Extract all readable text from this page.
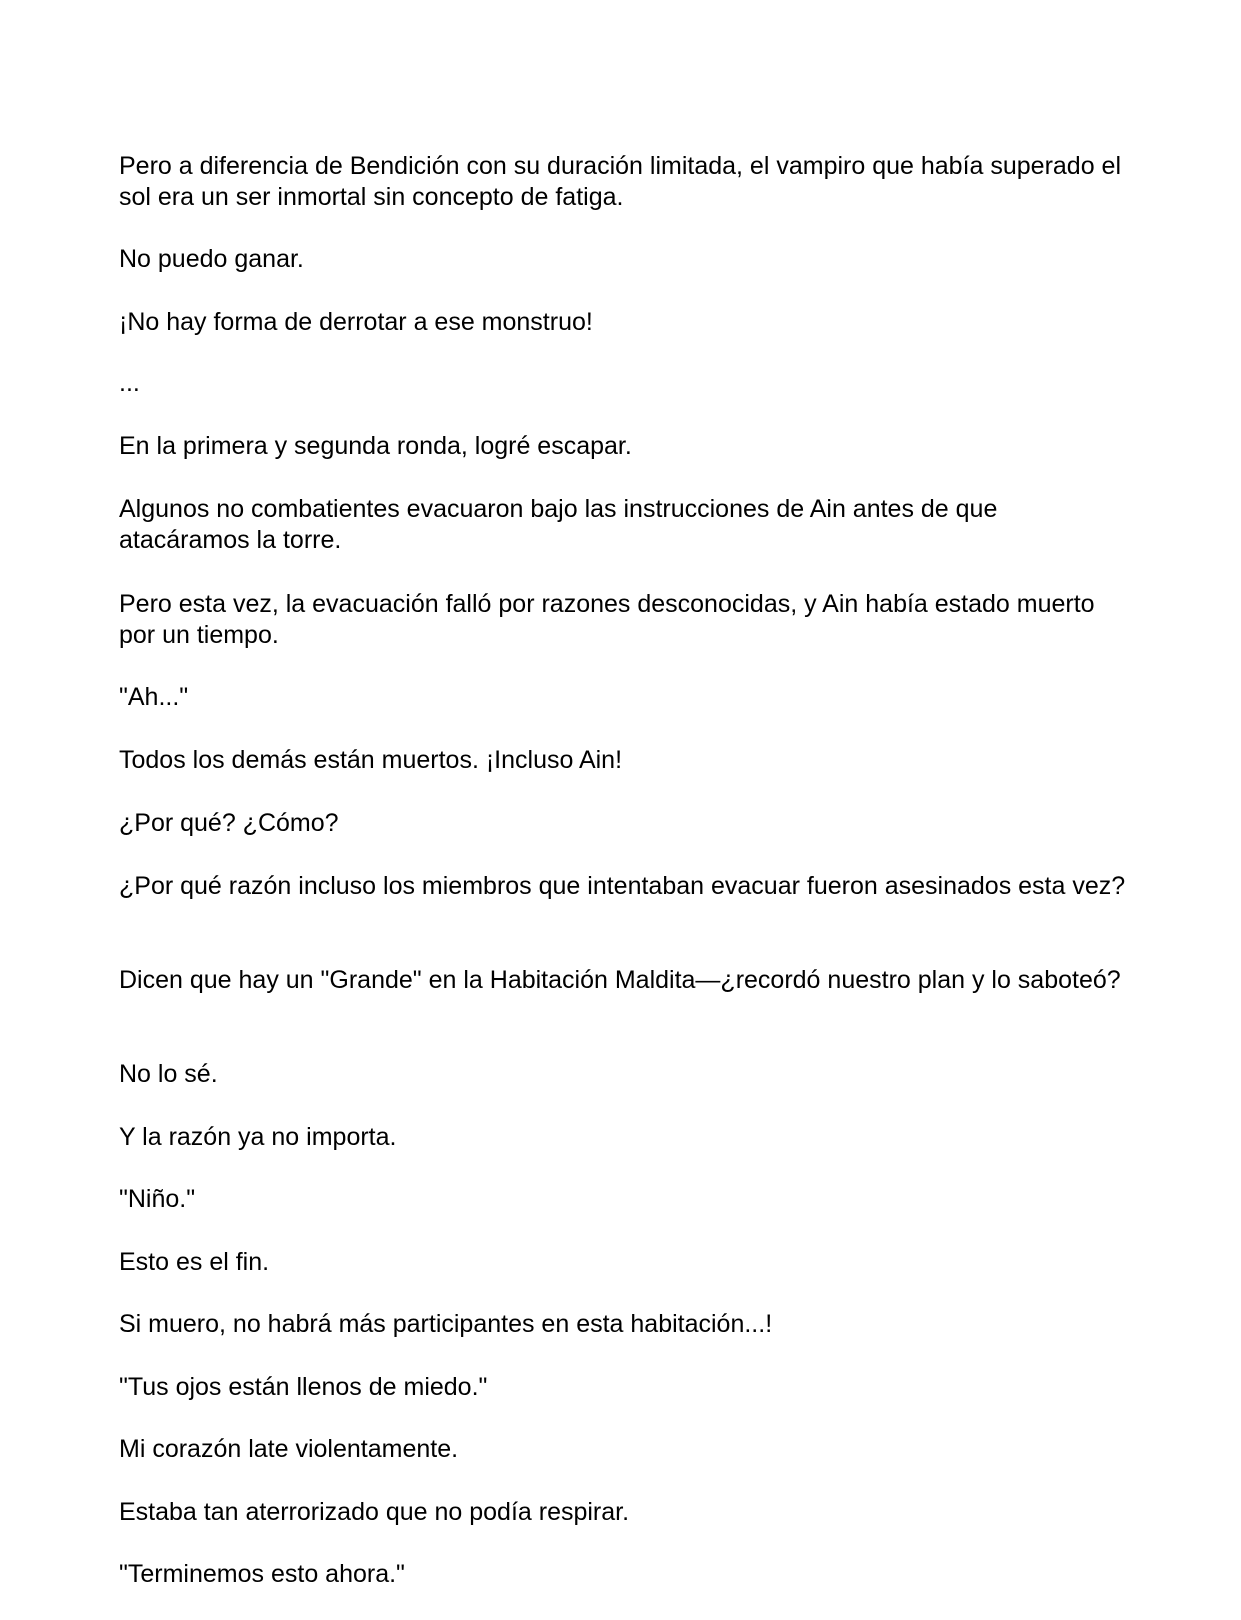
Pero a diferencia de Bendición con su duración limitada, el vampiro que había superado el sol era un ser inmortal sin concepto de fatiga.

No puedo ganar.

¡No hay forma de derrotar a ese monstruo!

...

En la primera y segunda ronda, logré escapar.

Algunos no combatientes evacuaron bajo las instrucciones de Ain antes de que atacáramos la torre.

Pero esta vez, la evacuación falló por razones desconocidas, y Ain había estado muerto por un tiempo.

"Ah..."

Todos los demás están muertos. ¡Incluso Ain!

¿Por qué? ¿Cómo?

¿Por qué razón incluso los miembros que intentaban evacuar fueron asesinados esta vez?

Dicen que hay un "Grande" en la Habitación Maldita—¿recordó nuestro plan y lo saboteó?

No lo sé.

Y la razón ya no importa.

"Niño."

Esto es el fin.

Si muero, no habrá más participantes en esta habitación...!

"Tus ojos están llenos de miedo."

Mi corazón late violentamente.

Estaba tan aterrorizado que no podía respirar.

"Terminemos esto ahora."
